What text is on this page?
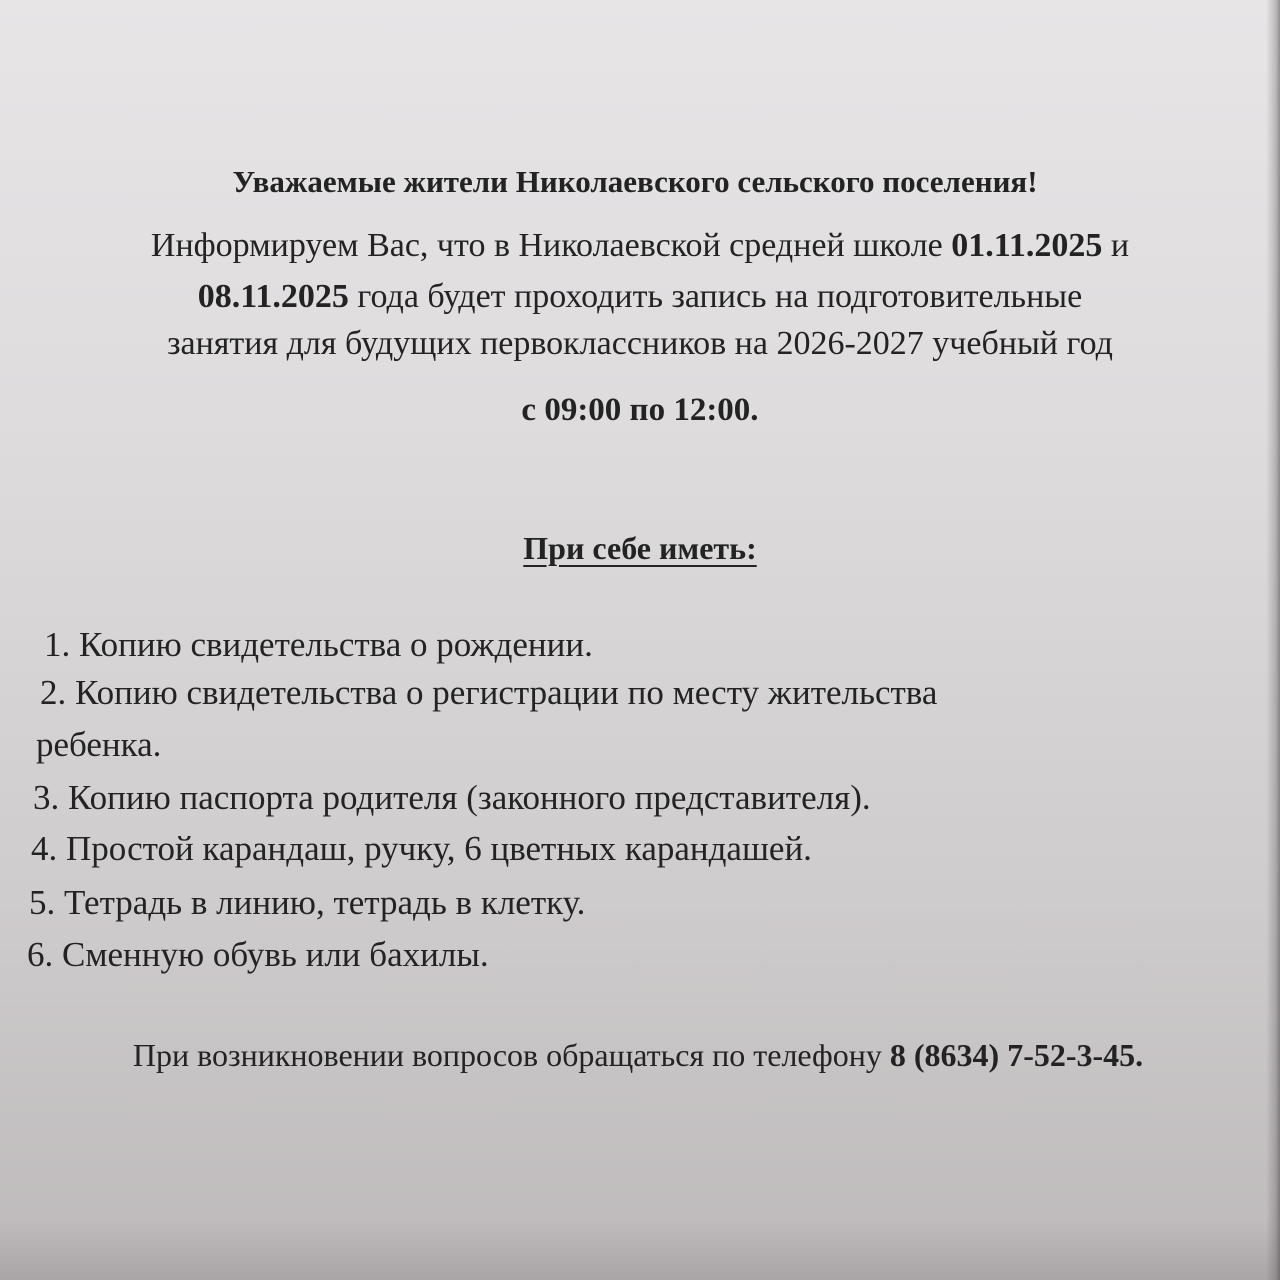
Уважаемые жители Николаевского сельского поселения!

Информируем Вас, что в Николаевской средней школе 01.11.2025 и

08.11.2025 года будет проходить запись на подготовительные

занятия для будущих первоклассников на 2026-2027 учебный год

с 09:00 по 12:00.

При себе иметь:

1. Копию свидетельства о рождении.

2. Копию свидетельства о регистрации по месту жительства

ребенка.

3. Копию паспорта родителя (законного представителя).

4. Простой карандаш, ручку, 6 цветных карандашей.

5. Тетрадь в линию, тетрадь в клетку.

6. Сменную обувь или бахилы.

При возникновении вопросов обращаться по телефону 8 (8634) 7-52-3-45.
